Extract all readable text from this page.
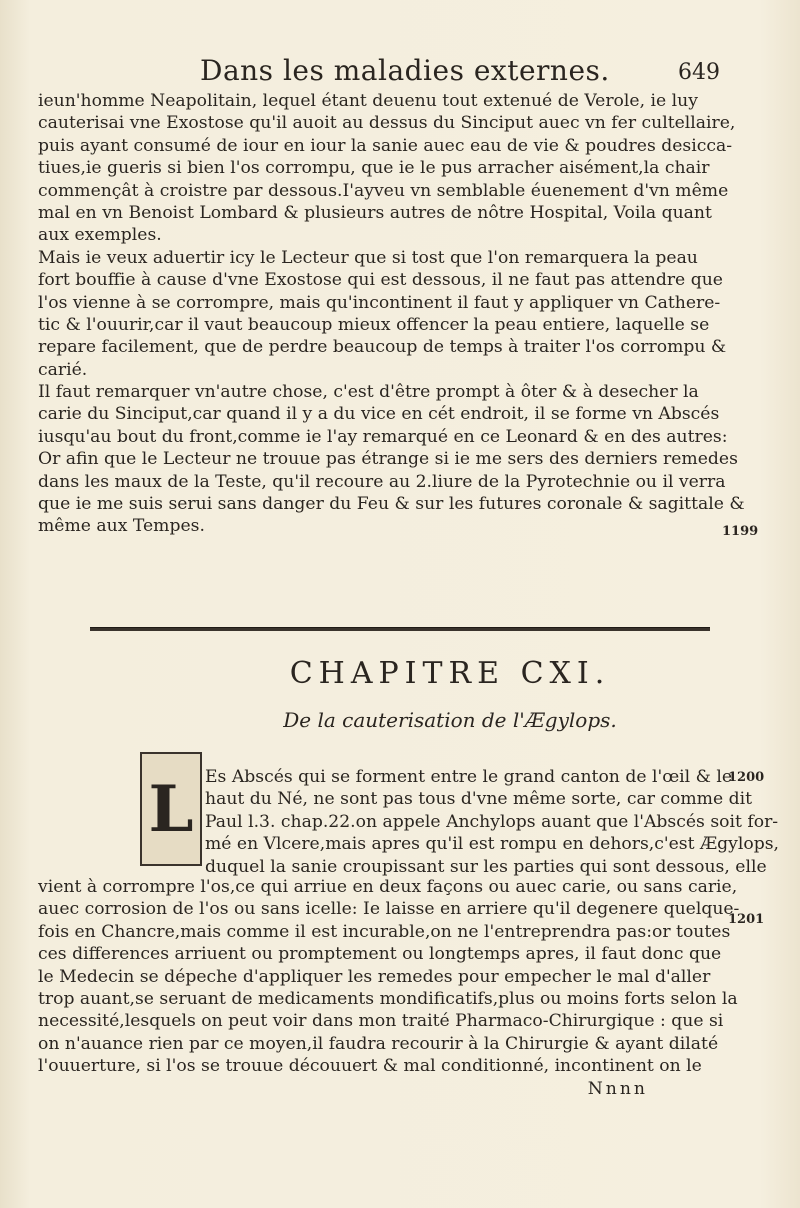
Dans les maladies externes.	649
ieun'homme Neapolitain, lequel étant deuenu tout extenué de Verole, ie luy
cauterisai vne Exostose qu'il auoit au dessus du Sinciput auec vn fer cultellaire,
puis ayant consumé de iour en iour la sanie auec eau de vie & poudres desicca-
tiues,ie gueris si bien l'os corrompu, que ie le pus arracher aisément,la chair
commençât à croistre par dessous.I'ayveu vn semblable éuenement d'vn même
mal en vn Benoist Lombard & plusieurs autres de nôtre Hospital, Voila quant
aux exemples.
Mais ie veux aduertir icy le Lecteur que si tost que l'on remarquera la peau
fort bouffie à cause d'vne Exostose qui est dessous, il ne faut pas attendre que
l'os vienne à se corrompre, mais qu'incontinent il faut y appliquer vn Cathere-
tic & l'ouurir,car il vaut beaucoup mieux offencer la peau entiere, laquelle se
repare facilement, que de perdre beaucoup de temps à traiter l'os corrompu &
carié.
Il faut remarquer vn'autre chose, c'est d'être prompt à ôter & à desecher la
carie du Sinciput,car quand il y a du vice en cét endroit, il se forme vn Abscés
iusqu'au bout du front,comme ie l'ay remarqué en ce Leonard & en des autres:
Or afin que le Lecteur ne trouue pas étrange si ie me sers des derniers remedes
dans les maux de la Teste, qu'il recoure au 2.liure de la Pyrotechnie ou il verra
que ie me suis serui sans danger du Feu & sur les futures coronale & sagittale &
même aux Tempes.	1199
CHAPITRE CXI.
De la cauterisation de l'Ægylops.
L Es Abscés qui se forment entre le grand canton de l'œil & le
haut du Né, ne sont pas tous d'vne même sorte, car comme dit
Paul l.3. chap.22.on appele Anchylops auant que l'Abscés soit for-
mé en Vlcere,mais apres qu'il est rompu en dehors,c'est Ægylops,
duquel la sanie croupissant sur les parties qui sont dessous, elle
vient à corrompre l'os,ce qui arriue en deux façons ou auec carie, ou sans carie,
auec corrosion de l'os ou sans icelle: Ie laisse en arriere qu'il degenere quelque-
fois en Chancre,mais comme il est incurable,on ne l'entreprendra pas:or toutes
ces differences arriuent ou promptement ou longtemps apres, il faut donc que
le Medecin se dépeche d'appliquer les remedes pour empecher le mal d'aller
trop auant,se seruant de medicaments mondificatifs,plus ou moins forts selon la
necessité,lesquels on peut voir dans mon traité Pharmaco-Chirurgique : que si
on n'auance rien par ce moyen,il faudra recourir à la Chirurgie & ayant dilaté
l'ouuerture, si l'os se trouue découuert & mal conditionné, incontinent on le
Nnnn
1200
1201
